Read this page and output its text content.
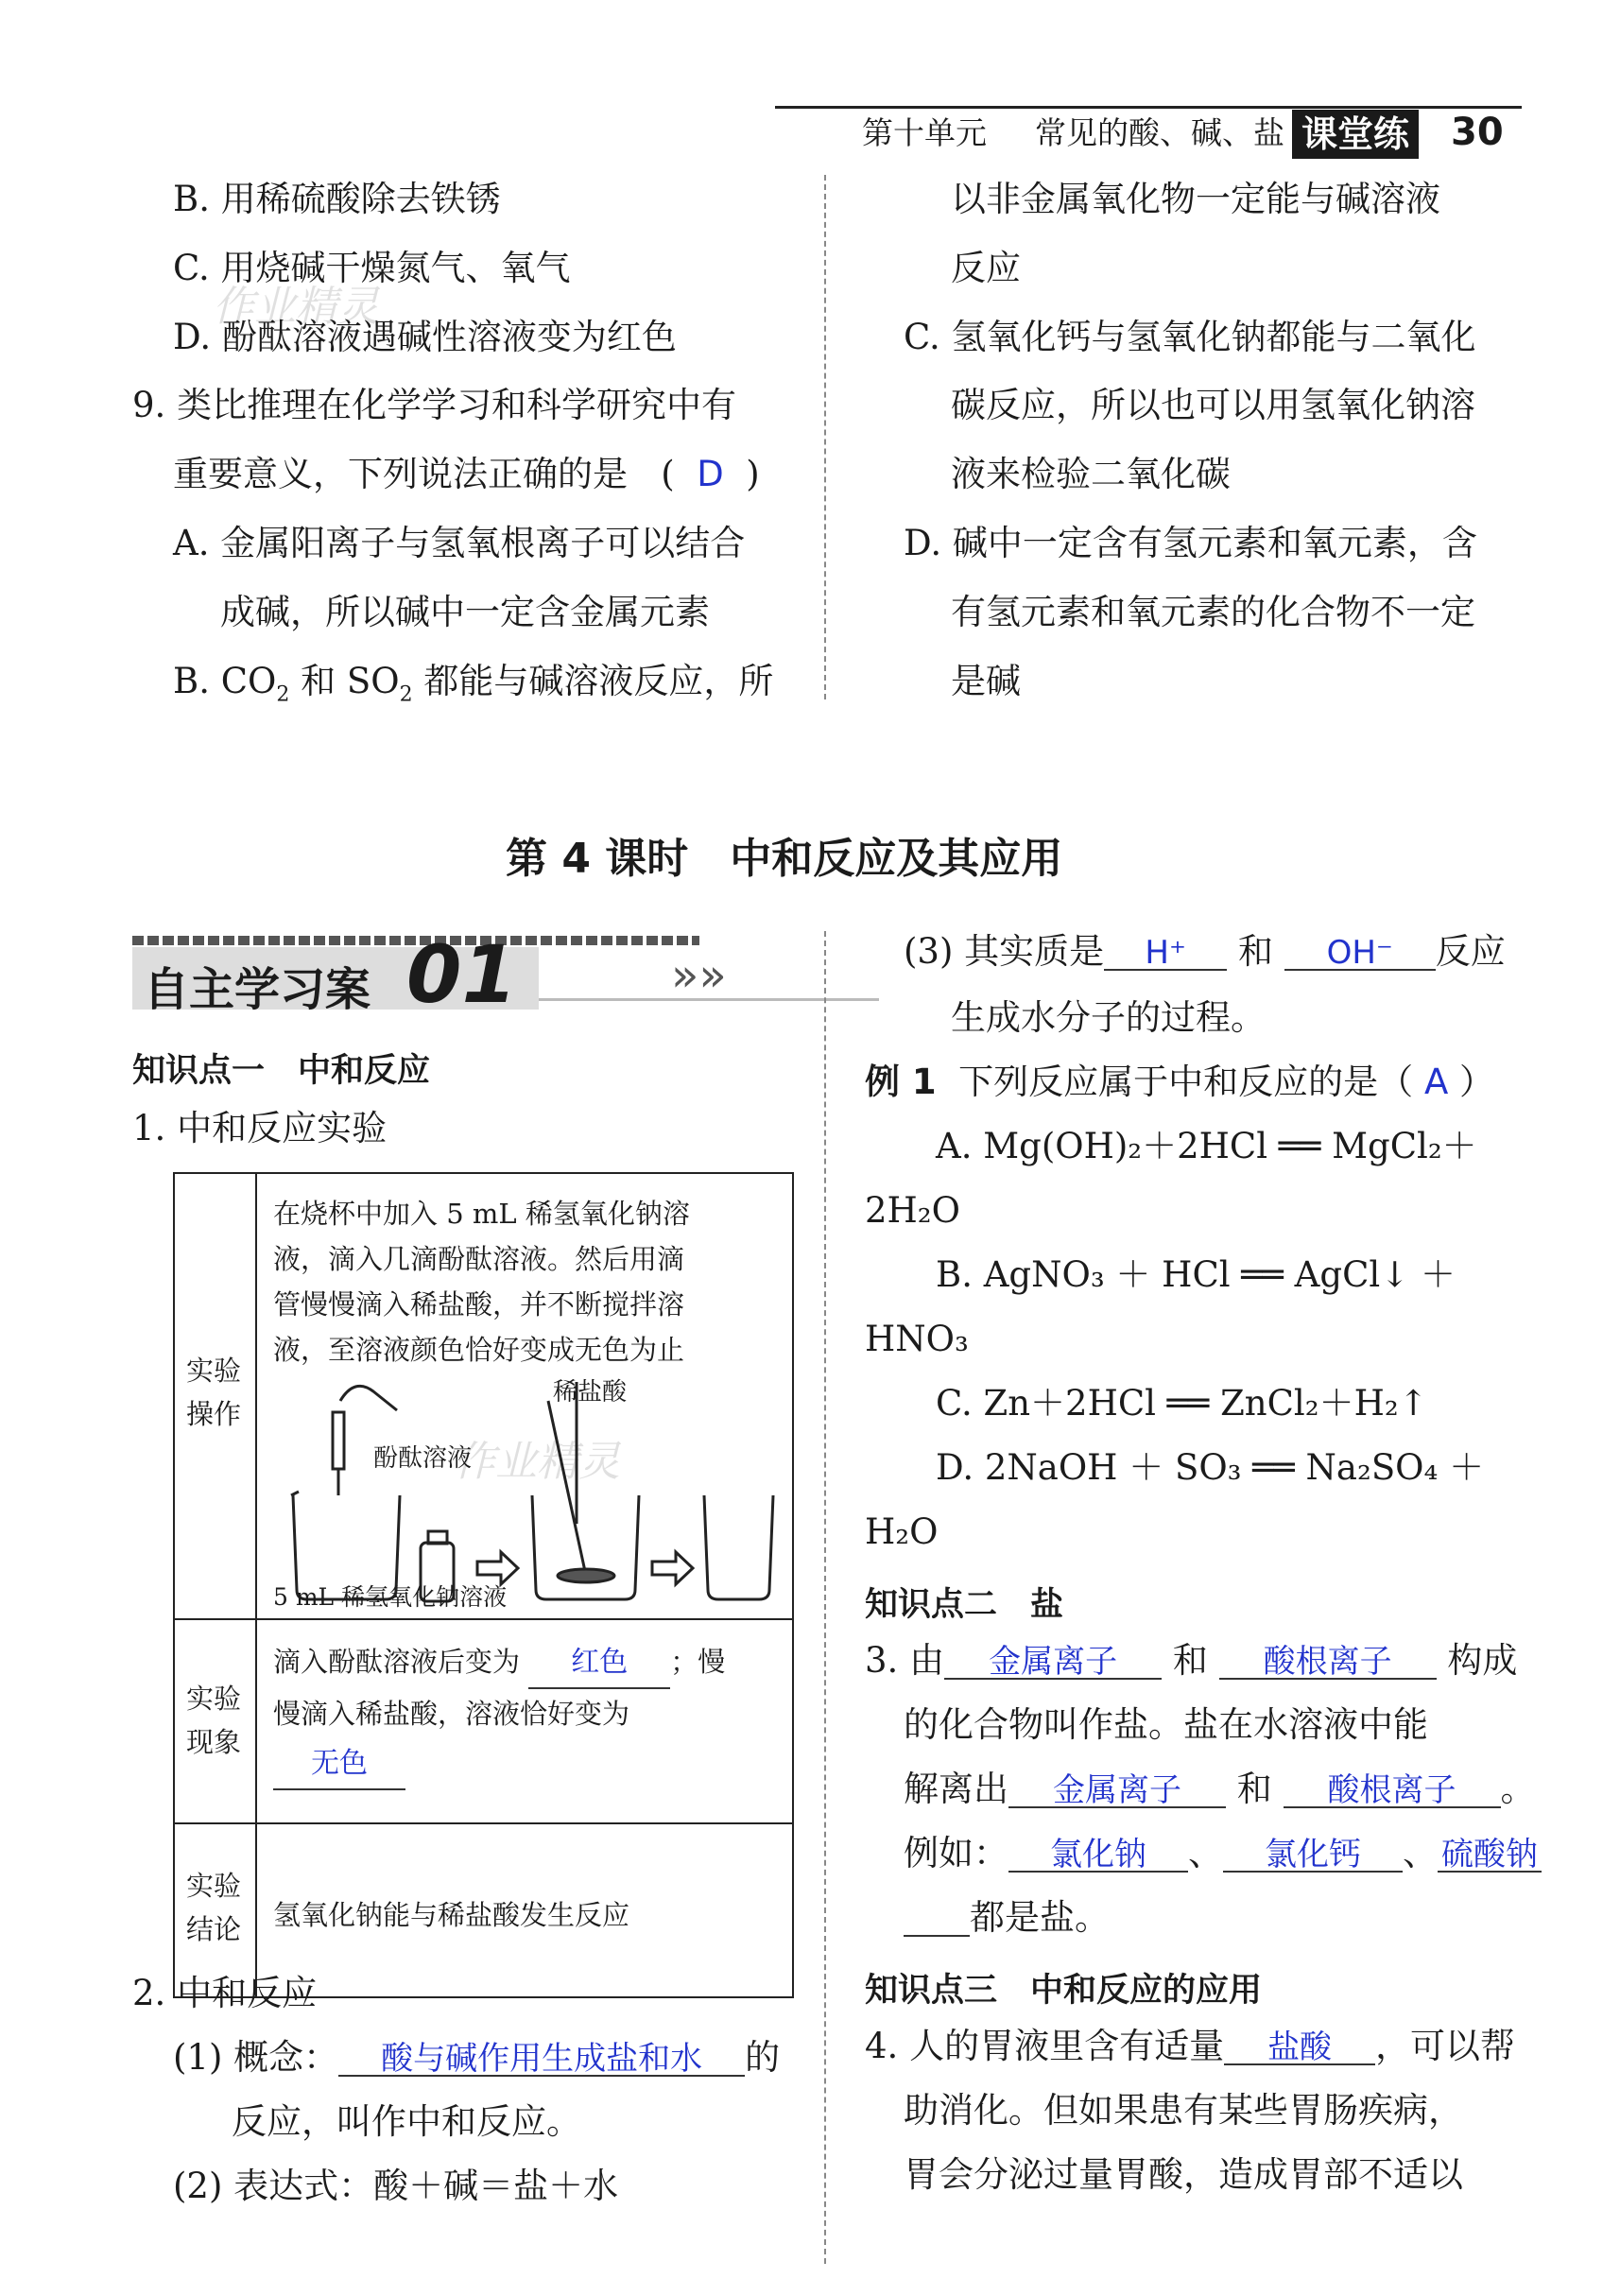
第十单元 常见的酸、碱、盐 课堂练 30
作业精灵
作业精灵
B. 用稀硫酸除去铁锈
C. 用烧碱干燥氮气、氧气
D. 酚酞溶液遇碱性溶液变为红色
9. 类比推理在化学学习和科学研究中有
重要意义，下列说法正确的是   (  D  )
A. 金属阳离子与氢氧根离子可以结合
成碱，所以碱中一定含金属元素
B. $CO_2$ 和 $SO_2$ 都能与碱溶液反应，所
以非金属氧化物一定能与碱溶液
反应
C. 氢氧化钙与氢氧化钠都能与二氧化
碳反应，所以也可以用氢氧化钠溶
液来检验二氧化碳
D. 碱中一定含有氢元素和氧元素，含
有氢元素和氧元素的化合物不一定
是碱
第 4 课时　中和反应及其应用
自主学习案 01	»»
知识点一　中和反应
1. 中和反应实验
实验操作
在烧杯中加入 5 mL 稀氢氧化钠溶
液，滴入几滴酚酞溶液。然后用滴
管慢慢滴入稀盐酸，并不断搅拌溶
液，至溶液颜色恰好变成无色为止
稀盐酸
酚酞溶液
5 mL 稀氢氧化钠溶液
实验现象
滴入酚酞溶液后变为 红色 ；慢
慢滴入稀盐酸，溶液恰好变为
无色
实验结论 氢氧化钠能与稀盐酸发生反应
2. 中和反应
(1) 概念： 酸与碱作用生成盐和水 的
反应，叫作中和反应。
(2) 表达式：酸＋碱＝盐＋水
(3) 其实质是 H⁺ 和 OH⁻ 反应
生成水分子的过程。
例 1 下列反应属于中和反应的是（ A ）
A. Mg(OH)₂＋2HCl ══ MgCl₂＋
2H₂O
B. AgNO₃ ＋ HCl ══ AgCl↓ ＋
HNO₃
C. Zn＋2HCl ══ ZnCl₂＋H₂↑
D. 2NaOH ＋ SO₃ ══ Na₂SO₄ ＋
H₂O
知识点二　盐
3. 由 金属离子 和 酸根离子 构成
的化合物叫作盐。盐在水溶液中能
解离出 金属离子 和 酸根离子 。
例如： 氯化钠 、 氯化钙 、 硫酸钠
都是盐。
知识点三　中和反应的应用
4. 人的胃液里含有适量 盐酸 ，可以帮
助消化。但如果患有某些胃肠疾病，
胃会分泌过量胃酸，造成胃部不适以
